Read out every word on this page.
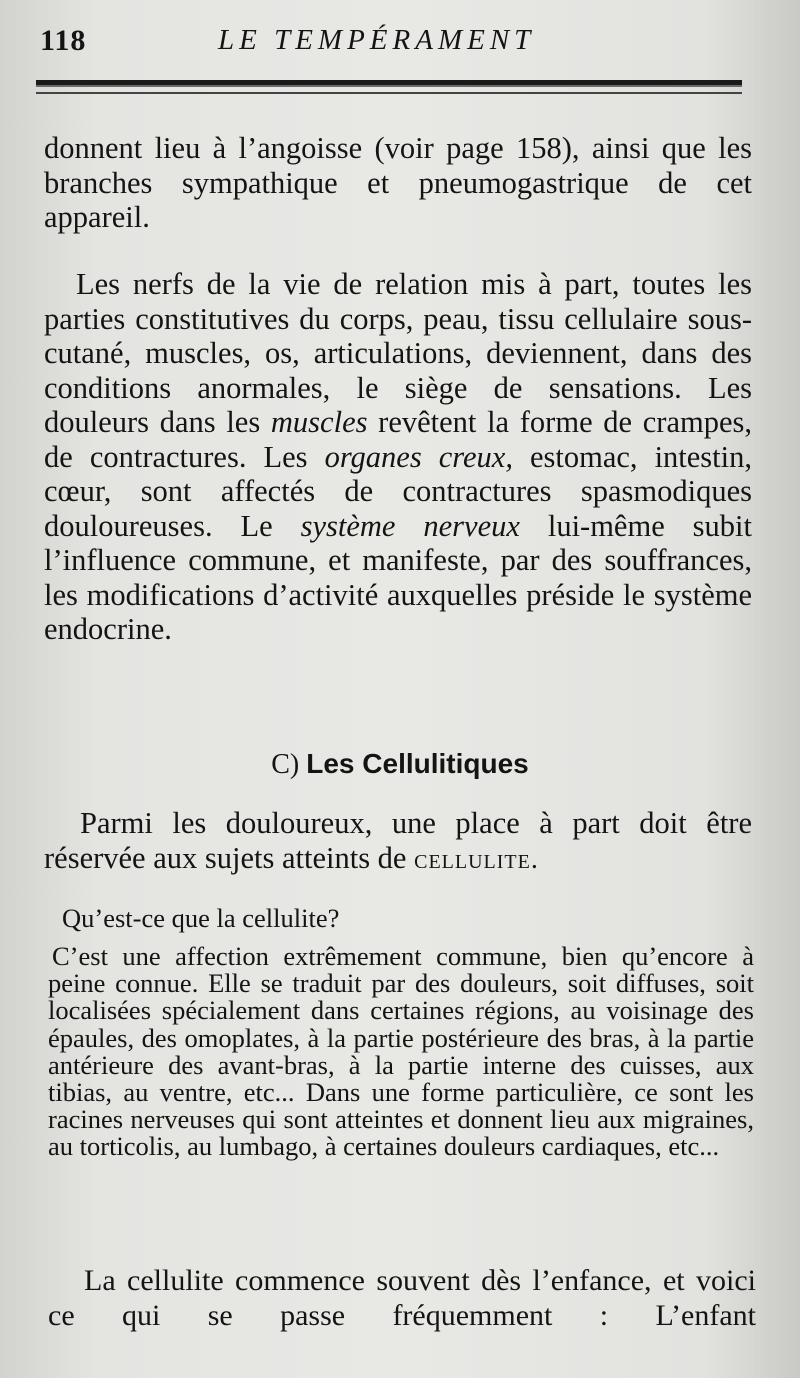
118	LE TEMPÉRAMENT

donnent lieu à l’angoisse (voir page 158), ainsi que les branches sympathique et pneumogastrique de cet appareil.

Les nerfs de la vie de relation mis à part, toutes les parties constitutives du corps, peau, tissu cellulaire sous-cutané, muscles, os, articulations, deviennent, dans des conditions anormales, le siège de sensations. Les douleurs dans les muscles revêtent la forme de crampes, de contractures. Les organes creux, estomac, intestin, cœur, sont affectés de contractures spasmodiques douloureuses. Le système nerveux lui-même subit l’influence commune, et manifeste, par des souffrances, les modifications d’activité auxquelles préside le système endocrine.

C) Les Cellulitiques

Parmi les douloureux, une place à part doit être réservée aux sujets atteints de cellulite.

Qu’est-ce que la cellulite?

C’est une affection extrêmement commune, bien qu’encore à peine connue. Elle se traduit par des douleurs, soit diffuses, soit localisées spécialement dans certaines régions, au voisinage des épaules, des omoplates, à la partie postérieure des bras, à la partie antérieure des avant-bras, à la partie interne des cuisses, aux tibias, au ventre, etc... Dans une forme particulière, ce sont les racines nerveuses qui sont atteintes et donnent lieu aux migraines, au torticolis, au lumbago, à certaines douleurs cardiaques, etc...

La cellulite commence souvent dès l’enfance, et voici ce qui se passe fréquemment : L’enfant
